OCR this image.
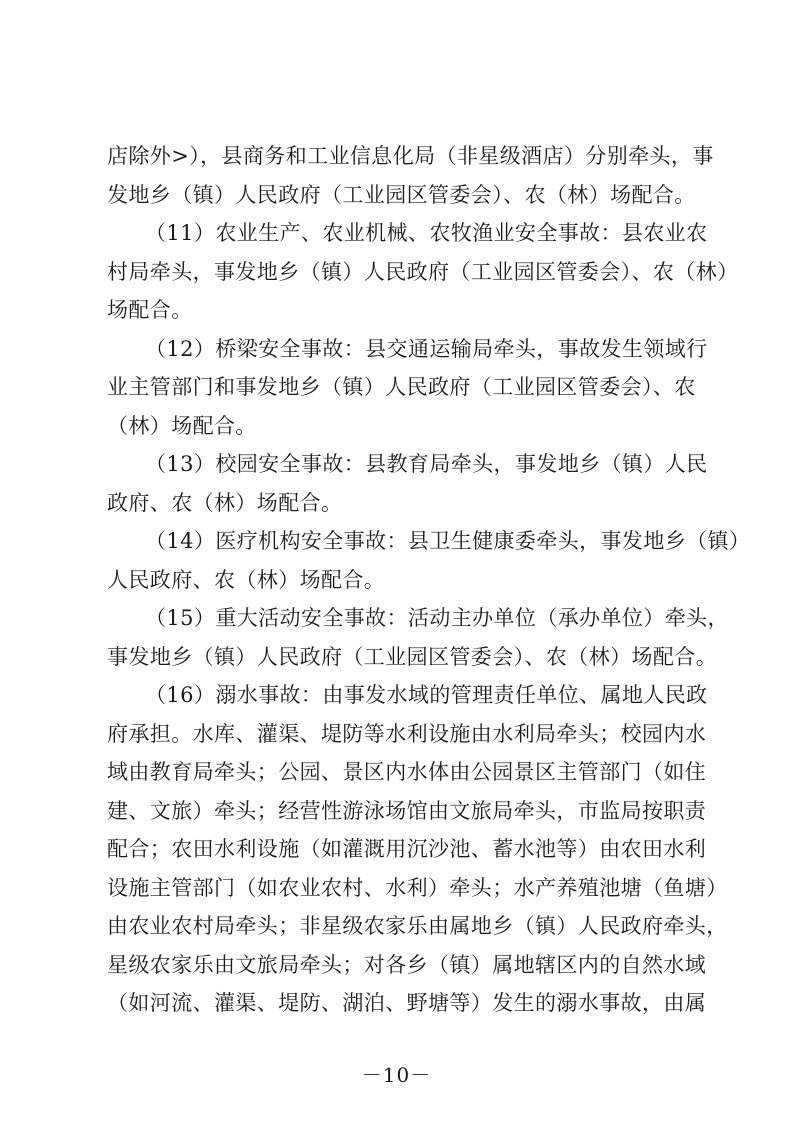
店除外>），县商务和工业信息化局（非星级酒店）分别牵头，事
发地乡（镇）人民政府（工业园区管委会）、农（林）场配合。
（11）农业生产、农业机械、农牧渔业安全事故：县农业农
村局牵头，事发地乡（镇）人民政府（工业园区管委会）、农（林）
场配合。
（12）桥梁安全事故：县交通运输局牵头，事故发生领域行
业主管部门和事发地乡（镇）人民政府（工业园区管委会）、农
（林）场配合。
（13）校园安全事故：县教育局牵头，事发地乡（镇）人民
政府、农（林）场配合。
（14）医疗机构安全事故：县卫生健康委牵头，事发地乡（镇）
人民政府、农（林）场配合。
（15）重大活动安全事故：活动主办单位（承办单位）牵头，
事发地乡（镇）人民政府（工业园区管委会）、农（林）场配合。
（16）溺水事故：由事发水域的管理责任单位、属地人民政
府承担。水库、灌渠、堤防等水利设施由水利局牵头；校园内水
域由教育局牵头；公园、景区内水体由公园景区主管部门（如住
建、文旅）牵头；经营性游泳场馆由文旅局牵头，市监局按职责
配合；农田水利设施（如灌溉用沉沙池、蓄水池等）由农田水利
设施主管部门（如农业农村、水利）牵头；水产养殖池塘（鱼塘）
由农业农村局牵头；非星级农家乐由属地乡（镇）人民政府牵头，
星级农家乐由文旅局牵头；对各乡（镇）属地辖区内的自然水域
（如河流、灌渠、堤防、湖泊、野塘等）发生的溺水事故，由属
－10－
